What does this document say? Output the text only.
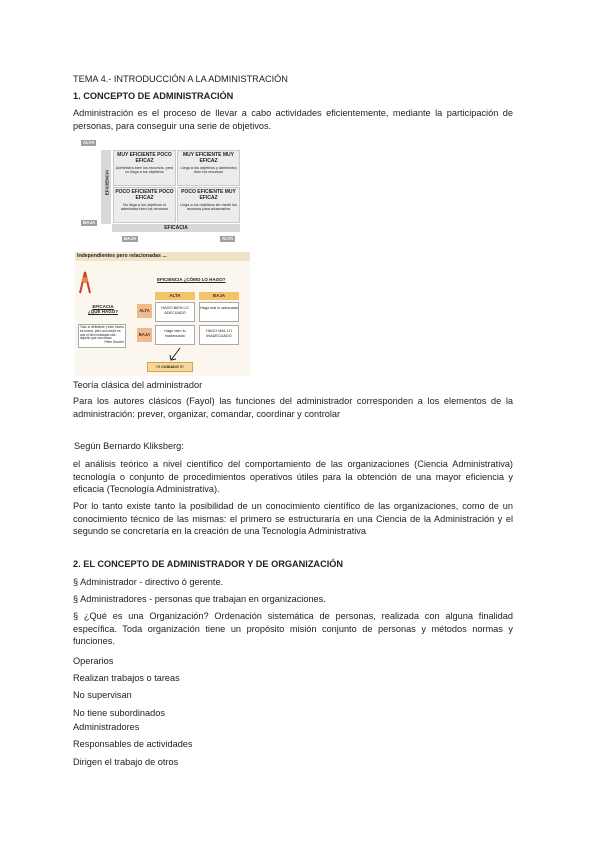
TEMA 4.- INTRODUCCIÓN A LA ADMINISTRACIÓN
1. CONCEPTO DE ADMINISTRACIÓN
Administración es el proceso de llevar a cabo actividades eficientemente, mediante la participación de personas, para conseguir una serie de objetivos.
ALTA
BAJA
EFICIENCIA
MUY EFICIENTE POCO EFICAZ
Administra bien los recursos, pero no llega a los objetivos
MUY EFICIENTE MUY EFICAZ
Llega a los objetivos y administra bien los recursos
POCO EFICIENTE POCO EFICAZ
No llega a los objetivos ni administra bien los recursos
POCO EFICIENTE MUY EFICAZ
Llega a los objetivos sin medir los recursos para alcanzarlos
EFICACIA
BAJA	ALTA
Independientes pero relacionadas ...
EFICIENCIA ¿CÓMO LO HAGO?
EFICACIA ¿QUÉ HAGO?
ALTA	BAJA
ALTA
BAJA
HAGO BIEN LO ADECUADO
Hago mal lo adecuado
Hago bien lo inadecuado
HAGO MAL LO INADECUADO
Todo lo deficiente y bien hecho es bueno, pero aún mejor es que el bien realizado sea aquello que sea eficaz
Peter Drucker
!!! CUIDADO !!!
Teoría clásica del administrador
Para los autores clásicos (Fayol) las funciones del administrador corresponden a los elementos de la administración: prever, organizar, comandar, coordinar y controlar
Según Bernardo Kliksberg:
el análisis teórico a nivel científico del comportamiento de las organizaciones (Ciencia Administrativa) tecnología o conjunto de procedimientos operativos útiles para la obtención de una mayor eficiencia y eficacia (Tecnología Administrativa).
Por lo tanto existe tanto la posibilidad de un conocimiento científico de las organizaciones, como de un conocimiento técnico de las mismas: el primero se estructuraría en una Ciencia de la Administración y el segundo se concretaría en la creación de una Tecnología Administrativa
2. EL CONCEPTO DE ADMINISTRADOR Y DE ORGANIZACIÓN
§ Administrador - directivo ó gerente.
§ Administradores - personas que trabajan en organizaciones.
§ ¿Qué es una Organización? Ordenación sistemática de personas, realizada con alguna finalidad específica. Toda organización tiene un propósito misión conjunto de personas y métodos normas y funciones.
Operarios
Realizan trabajos o tareas
No supervisan
No tiene subordinados
Administradores
Responsables de actividades
Dirigen el trabajo de otros
